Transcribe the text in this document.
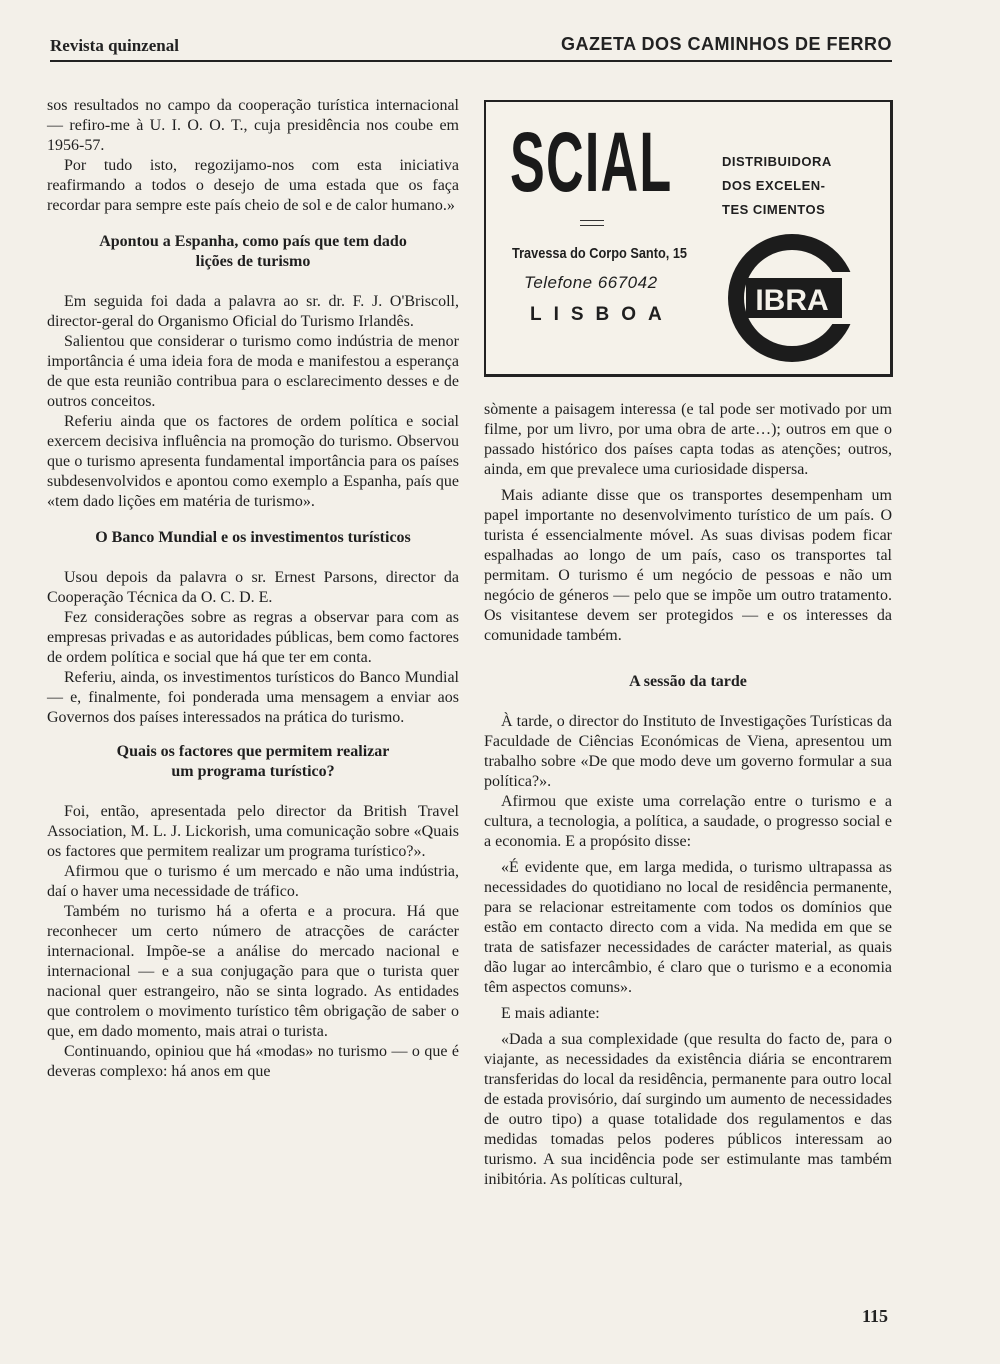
Revista quinzenal	GAZETA DOS CAMINHOS DE FERRO

sos resultados no campo da cooperação turística internacional — refiro-me à U. I. O. O. T., cuja presidência nos coube em 1956-57.

Por tudo isto, regozijamo-nos com esta iniciativa reafirmando a todos o desejo de uma estada que os faça recordar para sempre este país cheio de sol e de calor humano.»

Apontou a Espanha, como país que tem dado
lições de turismo

Em seguida foi dada a palavra ao sr. dr. F. J. O'Briscoll, director-geral do Organismo Oficial do Turismo Irlandês.

Salientou que considerar o turismo como indústria de menor importância é uma ideia fora de moda e manifestou a esperança de que esta reunião contribua para o esclarecimento desses e de outros conceitos.

Referiu ainda que os factores de ordem política e social exercem decisiva influência na promoção do turismo. Observou que o turismo apresenta fundamental importância para os países subdesenvolvidos e apontou como exemplo a Espanha, país que «tem dado lições em matéria de turismo».

O Banco Mundial e os investimentos turísticos

Usou depois da palavra o sr. Ernest Parsons, director da Cooperação Técnica da O. C. D. E.

Fez considerações sobre as regras a observar para com as empresas privadas e as autoridades públicas, bem como factores de ordem política e social que há que ter em conta.

Referiu, ainda, os investimentos turísticos do Banco Mundial — e, finalmente, foi ponderada uma mensagem a enviar aos Governos dos países interessados na prática do turismo.

Quais os factores que permitem realizar
um programa turístico?

Foi, então, apresentada pelo director da British Travel Association, M. L. J. Lickorish, uma comunicação sobre «Quais os factores que permitem realizar um programa turístico?».

Afirmou que o turismo é um mercado e não uma indústria, daí o haver uma necessidade de tráfico.

Também no turismo há a oferta e a procura. Há que reconhecer um certo número de atracções de carácter internacional. Impõe-se a análise do mercado nacional e internacional — e a sua conjugação para que o turista quer nacional quer estrangeiro, não se sinta logrado. As entidades que controlem o movimento turístico têm obrigação de saber o que, em dado momento, mais atrai o turista.

Continuando, opiniou que há «modas» no turismo — o que é deveras complexo: há anos em que

SCIAL	DISTRIBUIDORA
DOS EXCELEN-
TES CIMENTOS
Travessa do Corpo Santo, 15
Telefone 667042
LISBOA	IBRA

sòmente a paisagem interessa (e tal pode ser motivado por um filme, por um livro, por uma obra de arte…); outros em que o passado histórico dos países capta todas as atenções; outros, ainda, em que prevalece uma curiosidade dispersa.

Mais adiante disse que os transportes desempenham um papel importante no desenvolvimento turístico de um país. O turista é essencialmente móvel. As suas divisas podem ficar espalhadas ao longo de um país, caso os transportes tal permitam. O turismo é um negócio de pessoas e não um negócio de géneros — pelo que se impõe um outro tratamento. Os visitantese devem ser protegidos — e os interesses da comunidade também.

A sessão da tarde

À tarde, o director do Instituto de Investigações Turísticas da Faculdade de Ciências Económicas de Viena, apresentou um trabalho sobre «De que modo deve um governo formular a sua política?».

Afirmou que existe uma correlação entre o turismo e a cultura, a tecnologia, a política, a saudade, o progresso social e a economia. E a propósito disse:

«É evidente que, em larga medida, o turismo ultrapassa as necessidades do quotidiano no local de residência permanente, para se relacionar estreitamente com todos os domínios que estão em contacto directo com a vida. Na medida em que se trata de satisfazer necessidades de carácter material, as quais dão lugar ao intercâmbio, é claro que o turismo e a economia têm aspectos comuns».

E mais adiante:

«Dada a sua complexidade (que resulta do facto de, para o viajante, as necessidades da existência diária se encontrarem transferidas do local da residência, permanente para outro local de estada provisório, daí surgindo um aumento de necessidades de outro tipo) a quase totalidade dos regulamentos e das medidas tomadas pelos poderes públicos interessam ao turismo. A sua incidência pode ser estimulante mas também inibitória. As políticas cultural,

115
